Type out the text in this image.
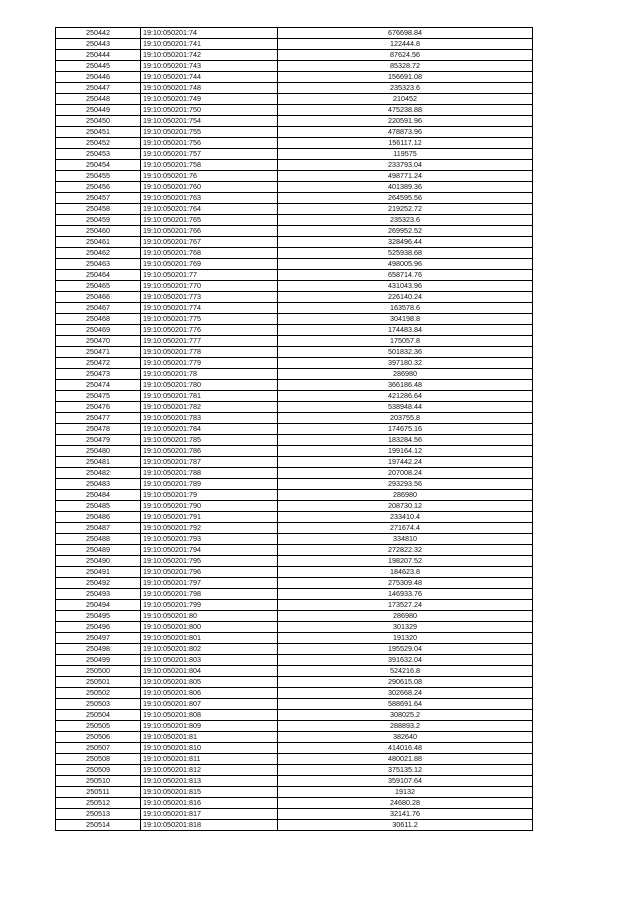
250442	19:10:050201:74	676698.84
250443	19:10:050201:741	122444.8
250444	19:10:050201:742	87624.56
250445	19:10:050201:743	85328.72
250446	19:10:050201:744	156691.08
250447	19:10:050201:748	235323.6
250448	19:10:050201:749	210452
250449	19:10:050201:750	475238.88
250450	19:10:050201:754	220591.96
250451	19:10:050201:755	478873.96
250452	19:10:050201:756	156117.12
250453	19:10:050201:757	119575
250454	19:10:050201:758	233793.04
250455	19:10:050201:76	498771.24
250456	19:10:050201:760	401389.36
250457	19:10:050201:763	264595.56
250458	19:10:050201:764	219252.72
250459	19:10:050201:765	235323.6
250460	19:10:050201:766	269952.52
250461	19:10:050201:767	328496.44
250462	19:10:050201:768	525938.68
250463	19:10:050201:769	498005.96
250464	19:10:050201:77	658714.76
250465	19:10:050201:770	431043.96
250466	19:10:050201:773	226140.24
250467	19:10:050201:774	163578.6
250468	19:10:050201:775	304198.8
250469	19:10:050201:776	174483.84
250470	19:10:050201:777	175057.8
250471	19:10:050201:778	501832.36
250472	19:10:050201:779	397180.32
250473	19:10:050201:78	286980
250474	19:10:050201:780	366186.48
250475	19:10:050201:781	421286.64
250476	19:10:050201:782	538948.44
250477	19:10:050201:783	203755.8
250478	19:10:050201:784	174675.16
250479	19:10:050201:785	183284.56
250480	19:10:050201:786	199164.12
250481	19:10:050201:787	197442.24
250482	19:10:050201:788	207008.24
250483	19:10:050201:789	293293.56
250484	19:10:050201:79	286980
250485	19:10:050201:790	208730.12
250486	19:10:050201:791	233410.4
250487	19:10:050201:792	271674.4
250488	19:10:050201:793	334810
250489	19:10:050201:794	272822.32
250490	19:10:050201:795	198207.52
250491	19:10:050201:796	184623.8
250492	19:10:050201:797	275309.48
250493	19:10:050201:798	146933.76
250494	19:10:050201:799	173527.24
250495	19:10:050201:80	286980
250496	19:10:050201:800	301329
250497	19:10:050201:801	191320
250498	19:10:050201:802	195529.04
250499	19:10:050201:803	391632.04
250500	19:10:050201:804	524216.8
250501	19:10:050201:805	290615.08
250502	19:10:050201:806	302668.24
250503	19:10:050201:807	588691.64
250504	19:10:050201:808	308025.2
250505	19:10:050201:809	288893.2
250506	19:10:050201:81	382640
250507	19:10:050201:810	414016.48
250508	19:10:050201:811	480021.88
250509	19:10:050201:812	375135.12
250510	19:10:050201:813	359107.64
250511	19:10:050201:815	19132
250512	19:10:050201:816	24680.28
250513	19:10:050201:817	32141.76
250514	19:10:050201:818	30611.2
